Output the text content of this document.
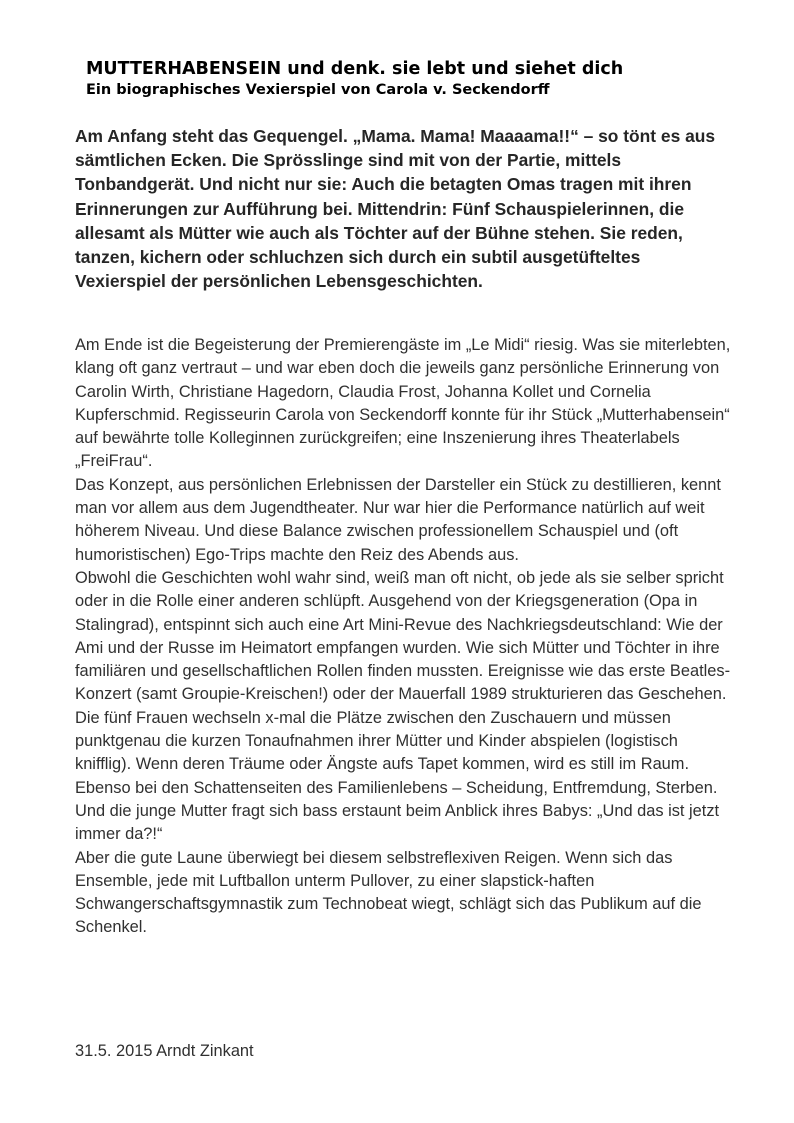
MUTTERHABENSEIN und denk. sie lebt und siehet dich
Ein biographisches Vexierspiel von Carola v. Seckendorff

Am Anfang steht das Gequengel. „Mama. Mama! Maaaama!!“ – so tönt es aus sämtlichen Ecken. Die Sprösslinge sind mit von der Partie, mittels Tonbandgerät. Und nicht nur sie: Auch die betagten Omas tragen mit ihren Erinnerungen zur Aufführung bei. Mittendrin: Fünf Schauspielerinnen, die allesamt als Mütter wie auch als Töchter auf der Bühne stehen. Sie reden, tanzen, kichern oder schluchzen sich durch ein subtil ausgetüfteltes Vexierspiel der persönlichen Lebensgeschichten.

Am Ende ist die Begeisterung der Premierengäste im „Le Midi“ riesig. Was sie miterlebten, klang oft ganz vertraut – und war eben doch die jeweils ganz persönliche Erinnerung von Carolin Wirth, Christiane Hagedorn, Claudia Frost, Johanna Kollet und Cornelia Kupferschmid. Regisseurin Carola von Seckendorff konnte für ihr Stück „Mutterhabensein“ auf bewährte tolle Kolleginnen zurückgreifen; eine Inszenierung ihres Theaterlabels „FreiFrau“.

Das Konzept, aus persönlichen Erlebnissen der Darsteller ein Stück zu destillieren, kennt man vor allem aus dem Jugendtheater. Nur war hier die Performance natürlich auf weit höherem Niveau. Und diese Balance zwischen professionellem Schauspiel und (oft humoristischen) Ego-Trips machte den Reiz des Abends aus.

Obwohl die Geschichten wohl wahr sind, weiß man oft nicht, ob jede als sie selber spricht oder in die Rolle einer anderen schlüpft. Ausgehend von der Kriegsgeneration (Opa in Stalingrad), entspinnt sich auch eine Art Mini-Revue des Nachkriegsdeutschland: Wie der Ami und der Russe im Heimatort empfangen wurden. Wie sich Mütter und Töchter in ihre familiären und gesellschaftlichen Rollen finden mussten. Ereignisse wie das erste Beatles-Konzert (samt Groupie-Kreischen!) oder der Mauerfall 1989 strukturieren das Geschehen.

Die fünf Frauen wechseln x-mal die Plätze zwischen den Zuschauern und müssen punktgenau die kurzen Tonaufnahmen ihrer Mütter und Kinder abspielen (logistisch knifflig). Wenn deren Träume oder Ängste aufs Tapet kommen, wird es still im Raum. Ebenso bei den Schattenseiten des Familienlebens – Scheidung, Entfremdung, Sterben. Und die junge Mutter fragt sich bass erstaunt beim Anblick ihres Babys: „Und das ist jetzt immer da?!“

Aber die gute Laune überwiegt bei diesem selbstreflexiven Reigen. Wenn sich das Ensemble, jede mit Luftballon unterm Pullover, zu einer slapstick-haften Schwangerschaftsgymnastik zum Technobeat wiegt, schlägt sich das Publikum auf die Schenkel.

31.5. 2015 Arndt Zinkant
